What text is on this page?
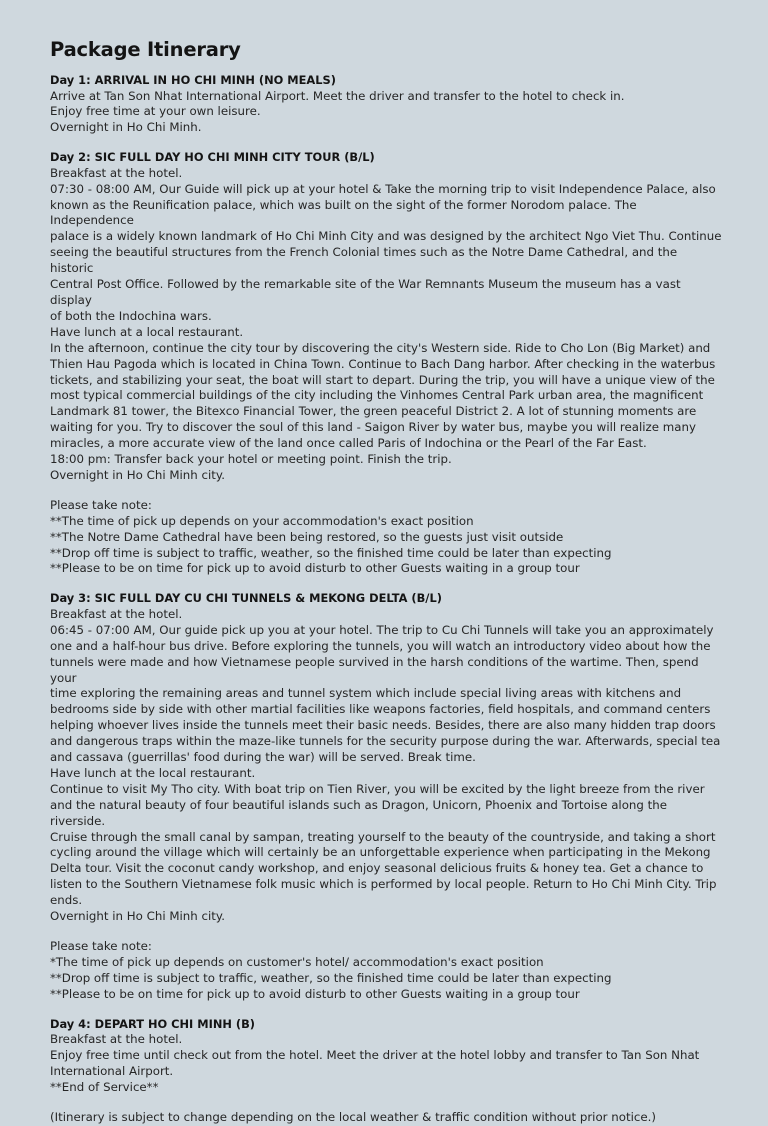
Package Itinerary

Day 1: ARRIVAL IN HO CHI MINH (NO MEALS)

Arrive at Tan Son Nhat International Airport. Meet the driver and transfer to the hotel to check in.

Enjoy free time at your own leisure.

Overnight in Ho Chi Minh.

Day 2: SIC FULL DAY HO CHI MINH CITY TOUR (B/L)

Breakfast at the hotel.

07:30 - 08:00 AM, Our Guide will pick up at your hotel & Take the morning trip to visit Independence Palace, also

known as the Reunification palace, which was built on the sight of the former Norodom palace. The Independence

palace is a widely known landmark of Ho Chi Minh City and was designed by the architect Ngo Viet Thu. Continue

seeing the beautiful structures from the French Colonial times such as the Notre Dame Cathedral, and the historic

Central Post Office. Followed by the remarkable site of the War Remnants Museum the museum has a vast display

of both the Indochina wars.

Have lunch at a local restaurant.

In the afternoon, continue the city tour by discovering the city's Western side. Ride to Cho Lon (Big Market) and

Thien Hau Pagoda which is located in China Town. Continue to Bach Dang harbor. After checking in the waterbus

tickets, and stabilizing your seat, the boat will start to depart. During the trip, you will have a unique view of the

most typical commercial buildings of the city including the Vinhomes Central Park urban area, the magnificent

Landmark 81 tower, the Bitexco Financial Tower, the green peaceful District 2. A lot of stunning moments are

waiting for you. Try to discover the soul of this land - Saigon River by water bus, maybe you will realize many

miracles, a more accurate view of the land once called Paris of Indochina or the Pearl of the Far East.

18:00 pm: Transfer back your hotel or meeting point. Finish the trip.

Overnight in Ho Chi Minh city.

Please take note:

**The time of pick up depends on your accommodation's exact position

**The Notre Dame Cathedral have been being restored, so the guests just visit outside

**Drop off time is subject to traffic, weather, so the finished time could be later than expecting

**Please to be on time for pick up to avoid disturb to other Guests waiting in a group tour

Day 3: SIC FULL DAY CU CHI TUNNELS & MEKONG DELTA (B/L)

Breakfast at the hotel.

06:45 - 07:00 AM, Our guide pick up you at your hotel. The trip to Cu Chi Tunnels will take you an approximately

one and a half-hour bus drive. Before exploring the tunnels, you will watch an introductory video about how the

tunnels were made and how Vietnamese people survived in the harsh conditions of the wartime. Then, spend your

time exploring the remaining areas and tunnel system which include special living areas with kitchens and

bedrooms side by side with other martial facilities like weapons factories, field hospitals, and command centers

helping whoever lives inside the tunnels meet their basic needs. Besides, there are also many hidden trap doors

and dangerous traps within the maze-like tunnels for the security purpose during the war. Afterwards, special tea

and cassava (guerrillas' food during the war) will be served. Break time.

Have lunch at the local restaurant.

Continue to visit My Tho city. With boat trip on Tien River, you will be excited by the light breeze from the river

and the natural beauty of four beautiful islands such as Dragon, Unicorn, Phoenix and Tortoise along the riverside.

Cruise through the small canal by sampan, treating yourself to the beauty of the countryside, and taking a short

cycling around the village which will certainly be an unforgettable experience when participating in the Mekong

Delta tour. Visit the coconut candy workshop, and enjoy seasonal delicious fruits & honey tea. Get a chance to

listen to the Southern Vietnamese folk music which is performed by local people. Return to Ho Chi Minh City. Trip

ends.

Overnight in Ho Chi Minh city.

Please take note:

*The time of pick up depends on customer's hotel/ accommodation's exact position

**Drop off time is subject to traffic, weather, so the finished time could be later than expecting

**Please to be on time for pick up to avoid disturb to other Guests waiting in a group tour

Day 4: DEPART HO CHI MINH (B)

Breakfast at the hotel.

Enjoy free time until check out from the hotel. Meet the driver at the hotel lobby and transfer to Tan Son Nhat

International Airport.

**End of Service**

(Itinerary is subject to change depending on the local weather & traffic condition without prior notice.)
